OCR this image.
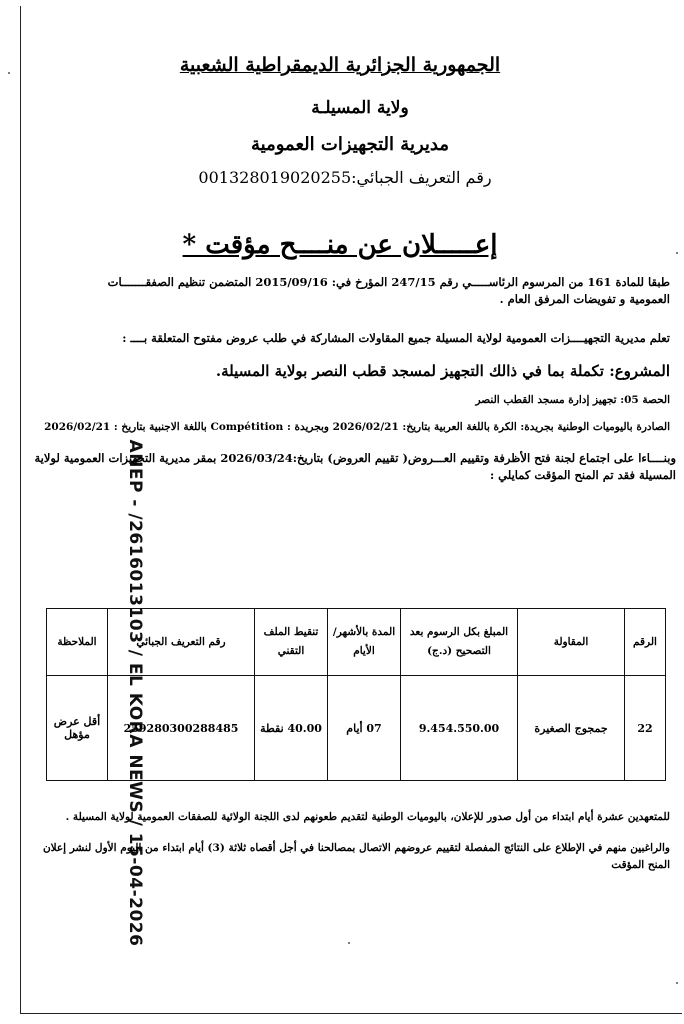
ANEP - /2616013103 / EL KORA NEWS / 15-04-2026
الجمهورية الجزائرية الديمقراطية الشعبية
ولاية المسيلـة
مديرية التجهيزات العمومية
رقم التعريف الجبائي:001328019020255
إعـــــلان عن منــــح مؤقت *
طبقا للمادة 161 من المرسوم الرئاســـــي رقم 247/15 المؤرخ في: 2015/09/16 المتضمن تنظيم الصفقـــــــات العمومية و تفويضات المرفق العام .
تعلم مديرية التجهيــــزات العمومية لولاية المسيلة جميع المقاولات المشاركة في طلب عروض مفتوح المتعلقة بــــ :
المشروع: تكملة بما في ذالك التجهيز لمسجد قطب النصر بولاية المسيلة.
الحصة 05: تجهيز إدارة مسجد القطب النصر
الصادرة باليوميات الوطنية بجريدة: الكرة باللغة العربية بتاريخ: 2026/02/21 وبجريدة : Compétition باللغة الاجنبية بتاريخ : 2026/02/21
وبنــــاءا على اجتماع لجنة فتح الأظرفة وتقييم العـــروض( تقييم العروض) بتاريخ:2026/03/24 بمقر مديرية التجهيزات العمومية لولاية المسيلة فقد تم المنح المؤقت كمايلي :
الرقم	المقاولة	المبلغ بكل الرسوم بعد التصحيح (د.ج)	المدة بالأشهر/ الأيام	تنقيط الملف التقني	رقم التعريف الجبائي	الملاحظة
22	جمجوج الصغيرة	9.454.550.00	07 أيام	40.00 نقطة	259280300288485	أقل عرض مؤهل
للمتعهدين عشرة أيام ابتداء من أول صدور للإعلان، باليوميات الوطنية لتقديم طعونهم لدى اللجنة الولائية للصفقات العمومية لولاية المسيلة .
والراغبين منهم في الإطلاع على النتائج المفصلة لتقييم عروضهم الاتصال بمصالحنا في أجل أقصاه ثلاثة (3) أيام ابتداء من اليوم الأول لنشر إعلان المنح المؤقت
